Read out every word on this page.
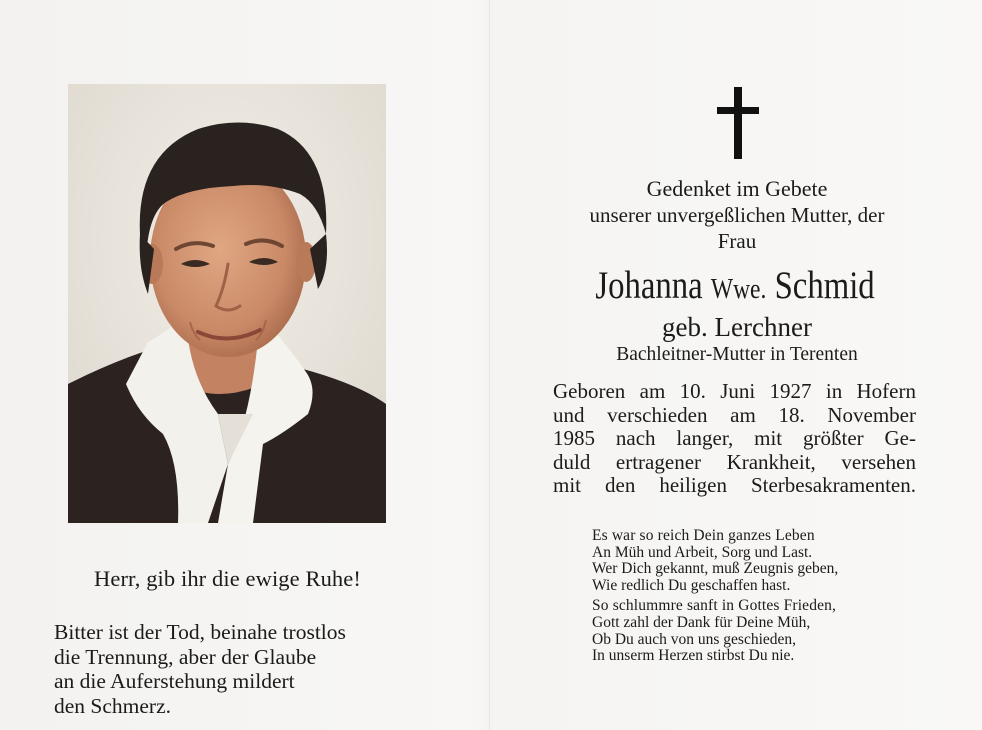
Herr, gib ihr die ewige Ruhe!
Bitter ist der Tod, beinahe trostlos
die Trennung, aber der Glaube
an die Auferstehung mildert
den Schmerz.
Gedenket im Gebete
unserer unvergeßlichen Mutter, der
Frau
Johanna Wwe. Schmid
geb. Lerchner
Bachleitner-Mutter in Terenten
Geboren am 10. Juni 1927 in Hofern
und verschieden am 18. November
1985 nach langer, mit größter Ge-
duld ertragener Krankheit, versehen
mit den heiligen Sterbesakramenten.
Es war so reich Dein ganzes Leben
An Müh und Arbeit, Sorg und Last.
Wer Dich gekannt, muß Zeugnis geben,
Wie redlich Du geschaffen hast.
So schlummre sanft in Gottes Frieden,
Gott zahl der Dank für Deine Müh,
Ob Du auch von uns geschieden,
In unserm Herzen stirbst Du nie.
